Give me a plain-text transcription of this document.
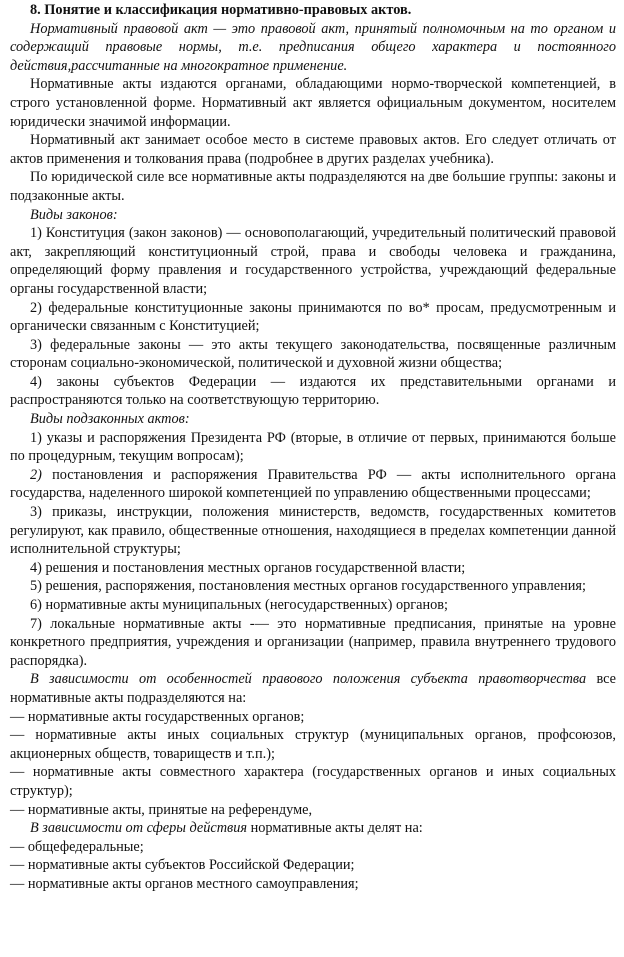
8. Понятие и классификация нормативно-правовых актов.

Нормативный правовой акт — это правовой акт, принятый полномочным на то органом и содержащий правовые нормы, т.е. предписания общего характера и постоянного действия,рассчитанные на многократное применение.

Нормативные акты издаются органами, обладающими нормо-творческой компетенцией, в строго установленной форме. Нормативный акт является официальным документом, носителем юридически значимой информации.

Нормативный акт занимает особое место в системе правовых актов. Его следует отличать от актов применения и толкования права (подробнее в других разделах учебника).

По юридической силе все нормативные акты подразделяются на две большие группы: законы и подзаконные акты.

Виды законов:

1) Конституция (закон законов) — основополагающий, учредительный политический правовой акт, закрепляющий конституционный строй, права и свободы человека и гражданина, определяющий форму правления и государственного устройства, учреждающий федеральные органы государственной власти;

2) федеральные конституционные законы принимаются по во* просам, предусмотренным и органически связанным с Конституцией;

3) федеральные законы — это акты текущего законодательства, посвященные различным сторонам социально-экономической, политической и духовной жизни общества;

4) законы субъектов Федерации — издаются их представительными органами и распространяются только на соответствующую территорию.

Виды подзаконных актов:

1) указы и распоряжения Президента РФ (вторые, в отличие от первых, принимаются больше по процедурным, текущим вопросам);

2) постановления и распоряжения Правительства РФ — акты исполнительного органа государства, наделенного широкой компетенцией по управлению общественными процессами;

3) приказы, инструкции, положения министерств, ведомств, государственных комитетов регулируют, как правило, общественные отношения, находящиеся в пределах компетенции данной исполнительной структуры;

4) решения и постановления местных органов государственной власти;

5) решения, распоряжения, постановления местных органов государственного управления;

6) нормативные акты муниципальных (негосударственных) органов;

7) локальные нормативные акты -— это нормативные предписания, принятые на уровне конкретного предприятия, учреждения и организации (например, правила внутреннего трудового распорядка).

В зависимости от особенностей правового положения субъекта правотворчества все нормативные акты подразделяются на:

— нормативные акты государственных органов;

— нормативные акты иных социальных структур (муниципальных органов, профсоюзов, акционерных обществ, товариществ и т.п.);

— нормативные акты совместного характера (государственных органов и иных социальных структур);

— нормативные акты, принятые на референдуме,

В зависимости от сферы действия нормативные акты делят на:

— общефедеральные;

— нормативные акты субъектов Российской Федерации;

— нормативные акты органов местного самоуправления;
